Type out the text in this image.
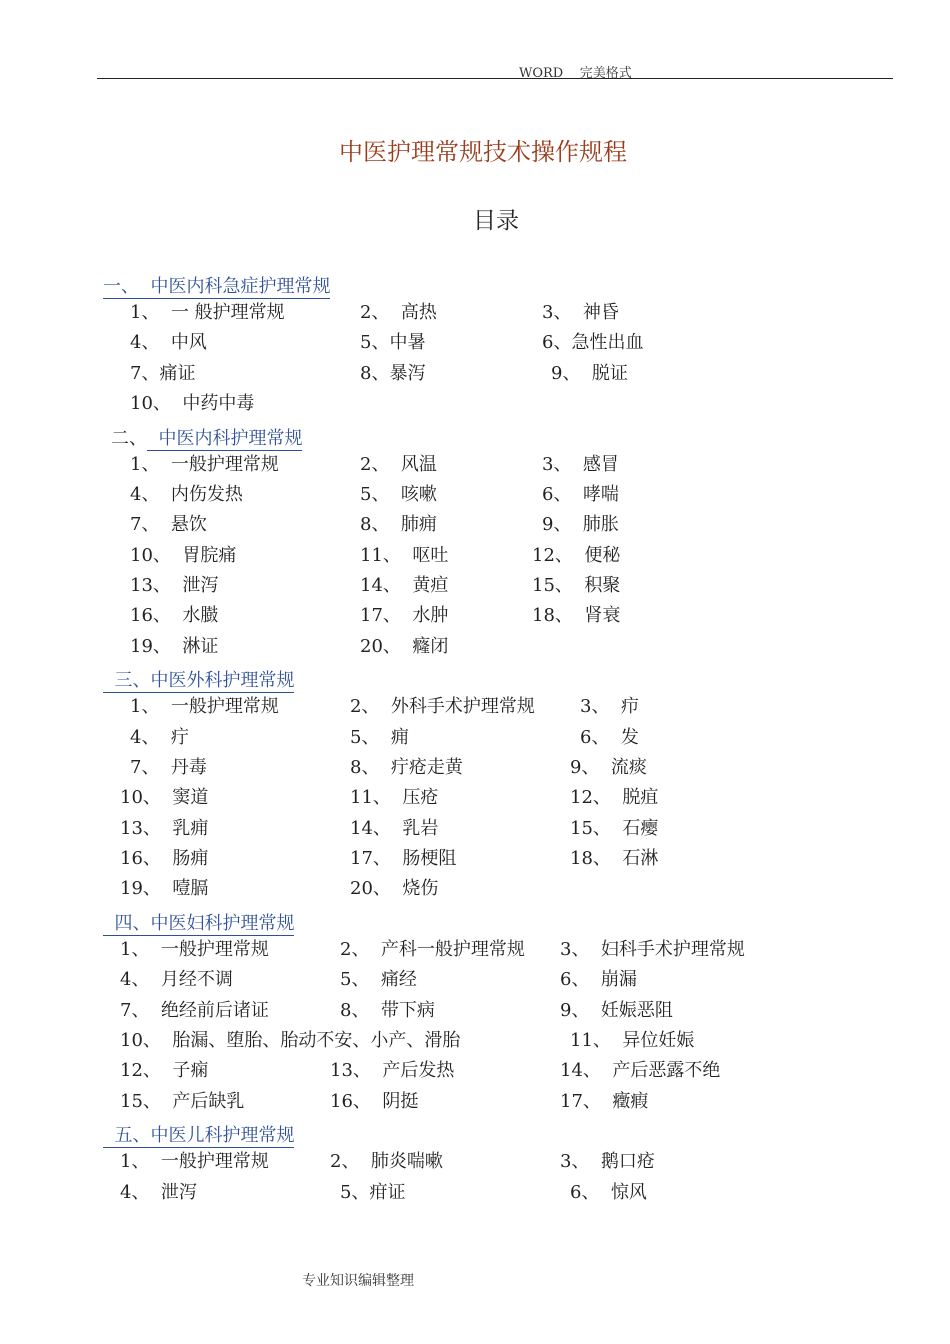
WORD    完美格式
中医护理常规技术操作规程
目录
一、  中医内科急症护理常规
1、  一 般护理常规	2、  高热	3、  神昏
4、  中风	5、中暑	6、急性出血
7、痛证	8、暴泻	9、  脱证
10、  中药中毒
二、  中医内科护理常规
1、  一般护理常规	2、  风温	3、  感冒
4、  内伤发热	5、  咳嗽	6、  哮喘
7、  悬饮	8、  肺痈	9、  肺胀
10、  胃脘痛	11、  呕吐	12、  便秘
13、  泄泻	14、  黄疸	15、  积聚
16、  水臌	17、  水肿	18、  肾衰
19、  淋证	20、  癃闭
三、中医外科护理常规
1、  一般护理常规	2、  外科手术护理常规	3、  疖
4、  疔	5、  痈	6、  发
7、  丹毒	8、  疔疮走黄	9、  流痰
10、  窦道	11、  压疮	12、  脱疽
13、  乳痈	14、  乳岩	15、  石瘿
16、  肠痈	17、  肠梗阻	18、  石淋
19、  噎膈	20、  烧伤
四、中医妇科护理常规
1、  一般护理常规	2、  产科一般护理常规 3、  妇科手术护理常规
4、  月经不调	5、  痛经	6、  崩漏
7、  绝经前后诸证	8、  带下病	9、  妊娠恶阻
10、  胎漏、堕胎、胎动不安、小产、滑胎	11、  异位妊娠
12、  子痫	13、  产后发热	14、  产后恶露不绝
15、  产后缺乳	16、  阴挺	17、  癥瘕
五、中医儿科护理常规
1、  一般护理常规	2、  肺炎喘嗽	3、  鹅口疮
4、  泄泻	5、疳证	6、  惊风
专业知识编辑整理
